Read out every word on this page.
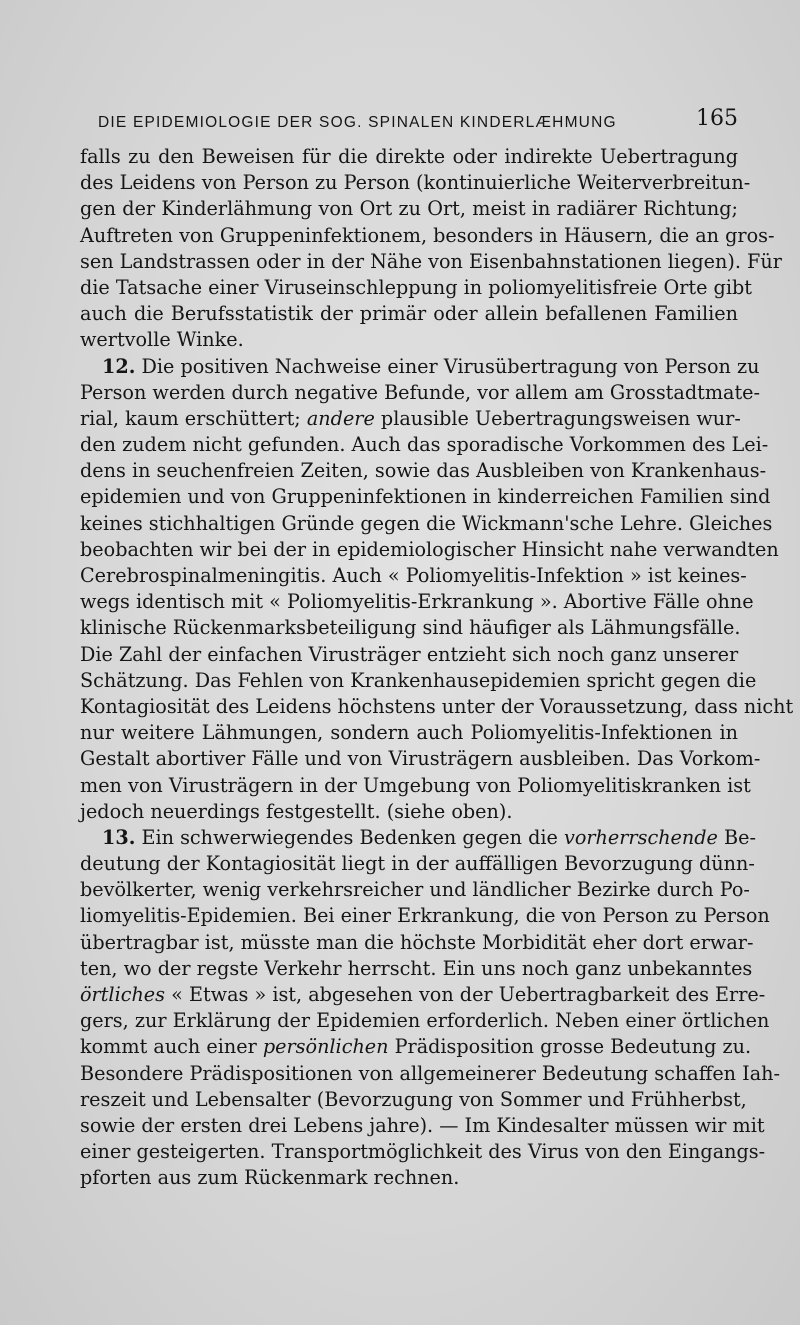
DIE EPIDEMIOLOGIE DER SOG. SPINALEN KINDERLÆHMUNG	165
falls zu den Beweisen für die direkte oder indirekte Uebertragung
des Leidens von Person zu Person (kontinuierliche Weiterverbreitun-
gen der Kinderlähmung von Ort zu Ort, meist in radiärer Richtung;
Auftreten von Gruppeninfektionem, besonders in Häusern, die an gros-
sen Landstrassen oder in der Nähe von Eisenbahnstationen liegen). Für
die Tatsache einer Viruseinschleppung in poliomyelitisfreie Orte gibt
auch die Berufsstatistik der primär oder allein befallenen Familien
wertvolle Winke.
12. Die positiven Nachweise einer Virusübertragung von Person zu
Person werden durch negative Befunde, vor allem am Grosstadtmate-
rial, kaum erschüttert; andere plausible Uebertragungsweisen wur-
den zudem nicht gefunden. Auch das sporadische Vorkommen des Lei-
dens in seuchenfreien Zeiten, sowie das Ausbleiben von Krankenhaus-
epidemien und von Gruppeninfektionen in kinderreichen Familien sind
keines stichhaltigen Gründe gegen die Wickmann'sche Lehre. Gleiches
beobachten wir bei der in epidemiologischer Hinsicht nahe verwandten
Cerebrospinalmeningitis. Auch « Poliomyelitis-Infektion » ist keines-
wegs identisch mit « Poliomyelitis-Erkrankung ». Abortive Fälle ohne
klinische Rückenmarksbeteiligung sind häufiger als Lähmungsfälle.
Die Zahl der einfachen Virusträger entzieht sich noch ganz unserer
Schätzung. Das Fehlen von Krankenhausepidemien spricht gegen die
Kontagiosität des Leidens höchstens unter der Voraussetzung, dass nicht
nur weitere Lähmungen, sondern auch Poliomyelitis-Infektionen in
Gestalt abortiver Fälle und von Virusträgern ausbleiben. Das Vorkom-
men von Virusträgern in der Umgebung von Poliomyelitiskranken ist
jedoch neuerdings festgestellt. (siehe oben).
13. Ein schwerwiegendes Bedenken gegen die vorherrschende Be-
deutung der Kontagiosität liegt in der auffälligen Bevorzugung dünn-
bevölkerter, wenig verkehrsreicher und ländlicher Bezirke durch Po-
liomyelitis-Epidemien. Bei einer Erkrankung, die von Person zu Person
übertragbar ist, müsste man die höchste Morbidität eher dort erwar-
ten, wo der regste Verkehr herrscht. Ein uns noch ganz unbekanntes
örtliches « Etwas » ist, abgesehen von der Uebertragbarkeit des Erre-
gers, zur Erklärung der Epidemien erforderlich. Neben einer örtlichen
kommt auch einer persönlichen Prädisposition grosse Bedeutung zu.
Besondere Prädispositionen von allgemeinerer Bedeutung schaffen Iah-
reszeit und Lebensalter (Bevorzugung von Sommer und Frühherbst,
sowie der ersten drei Lebens jahre). — Im Kindesalter müssen wir mit
einer gesteigerten. Transportmöglichkeit des Virus von den Eingangs-
pforten aus zum Rückenmark rechnen.
